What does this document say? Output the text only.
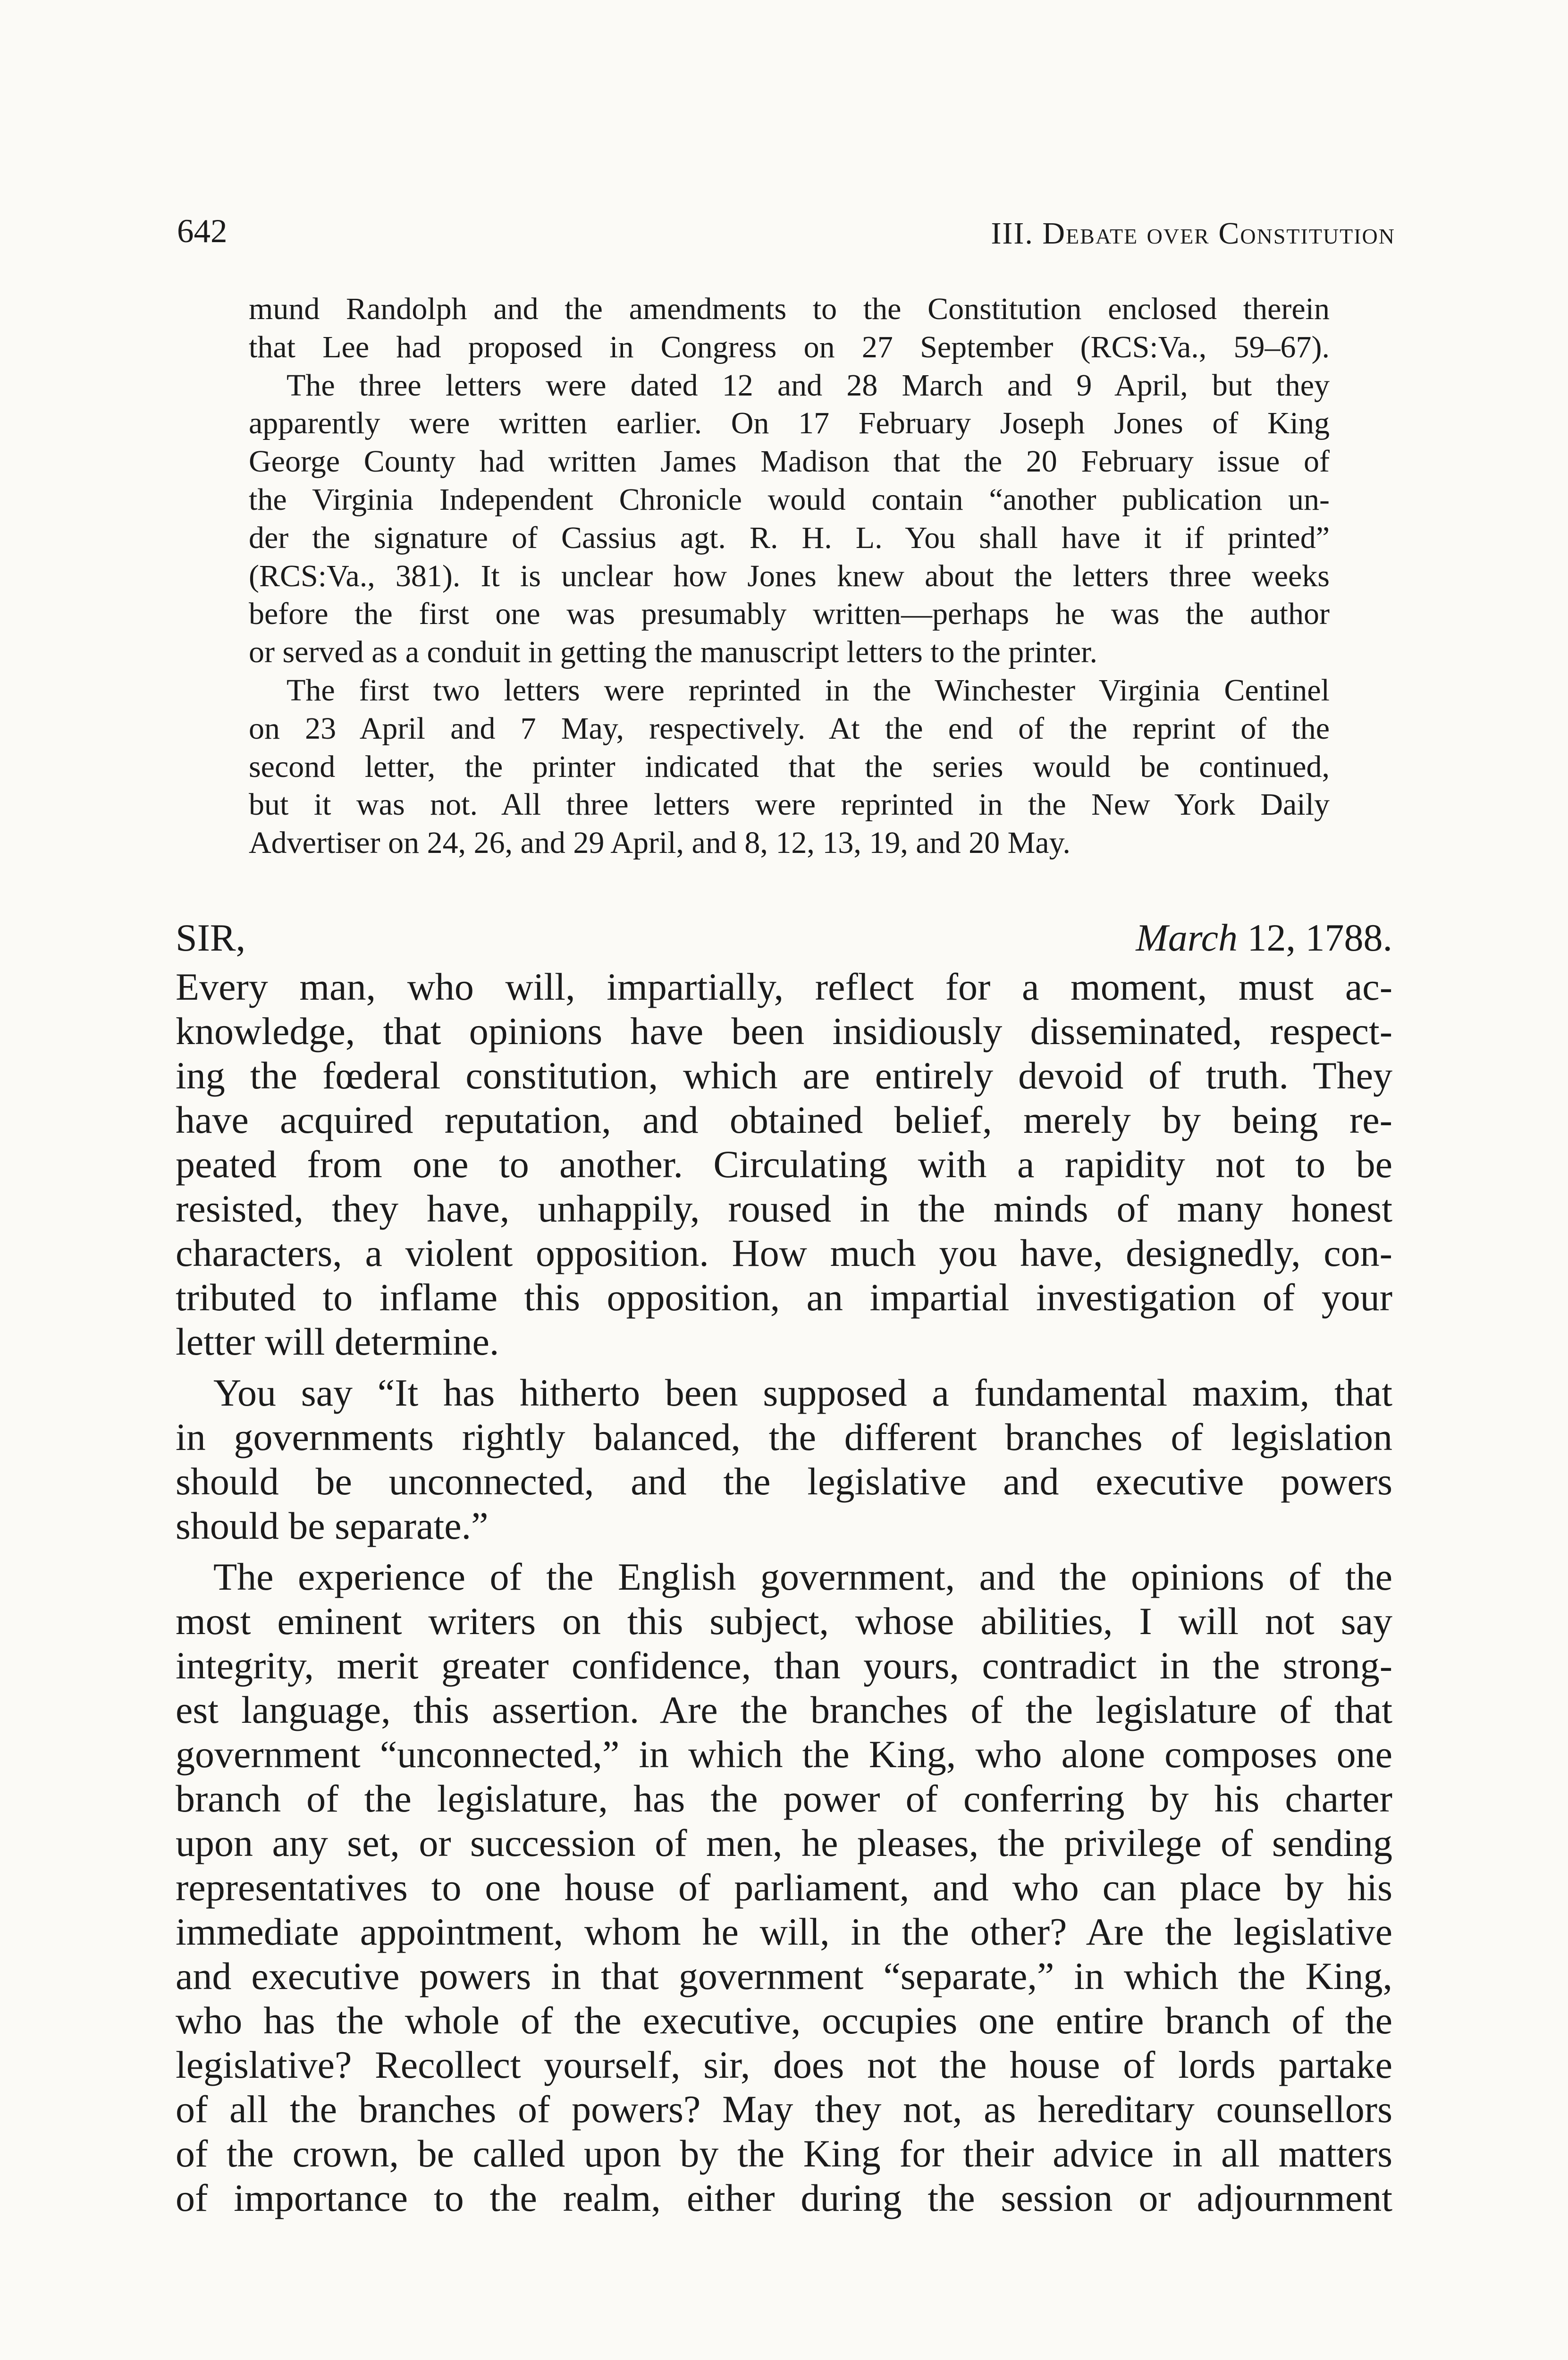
642	III. Debate over Constitution
mund Randolph and the amendments to the Constitution enclosed therein
that Lee had proposed in Congress on 27 September (RCS:Va., 59–67).
The three letters were dated 12 and 28 March and 9 April, but they
apparently were written earlier. On 17 February Joseph Jones of King
George County had written James Madison that the 20 February issue of
the Virginia Independent Chronicle would contain “another publication un-
der the signature of Cassius agt. R. H. L. You shall have it if printed”
(RCS:Va., 381). It is unclear how Jones knew about the letters three weeks
before the first one was presumably written—perhaps he was the author
or served as a conduit in getting the manuscript letters to the printer.
The first two letters were reprinted in the Winchester Virginia Centinel
on 23 April and 7 May, respectively. At the end of the reprint of the
second letter, the printer indicated that the series would be continued,
but it was not. All three letters were reprinted in the New York Daily
Advertiser on 24, 26, and 29 April, and 8, 12, 13, 19, and 20 May.
SIR,	March 12, 1788.
Every man, who will, impartially, reflect for a moment, must ac-
knowledge, that opinions have been insidiously disseminated, respect-
ing the fœderal constitution, which are entirely devoid of truth. They
have acquired reputation, and obtained belief, merely by being re-
peated from one to another. Circulating with a rapidity not to be
resisted, they have, unhappily, roused in the minds of many honest
characters, a violent opposition. How much you have, designedly, con-
tributed to inflame this opposition, an impartial investigation of your
letter will determine.
You say “It has hitherto been supposed a fundamental maxim, that
in governments rightly balanced, the different branches of legislation
should be unconnected, and the legislative and executive powers
should be separate.”
The experience of the English government, and the opinions of the
most eminent writers on this subject, whose abilities, I will not say
integrity, merit greater confidence, than yours, contradict in the strong-
est language, this assertion. Are the branches of the legislature of that
government “unconnected,” in which the King, who alone composes one
branch of the legislature, has the power of conferring by his charter
upon any set, or succession of men, he pleases, the privilege of sending
representatives to one house of parliament, and who can place by his
immediate appointment, whom he will, in the other? Are the legislative
and executive powers in that government “separate,” in which the King,
who has the whole of the executive, occupies one entire branch of the
legislative? Recollect yourself, sir, does not the house of lords partake
of all the branches of powers? May they not, as hereditary counsellors
of the crown, be called upon by the King for their advice in all matters
of importance to the realm, either during the session or adjournment
